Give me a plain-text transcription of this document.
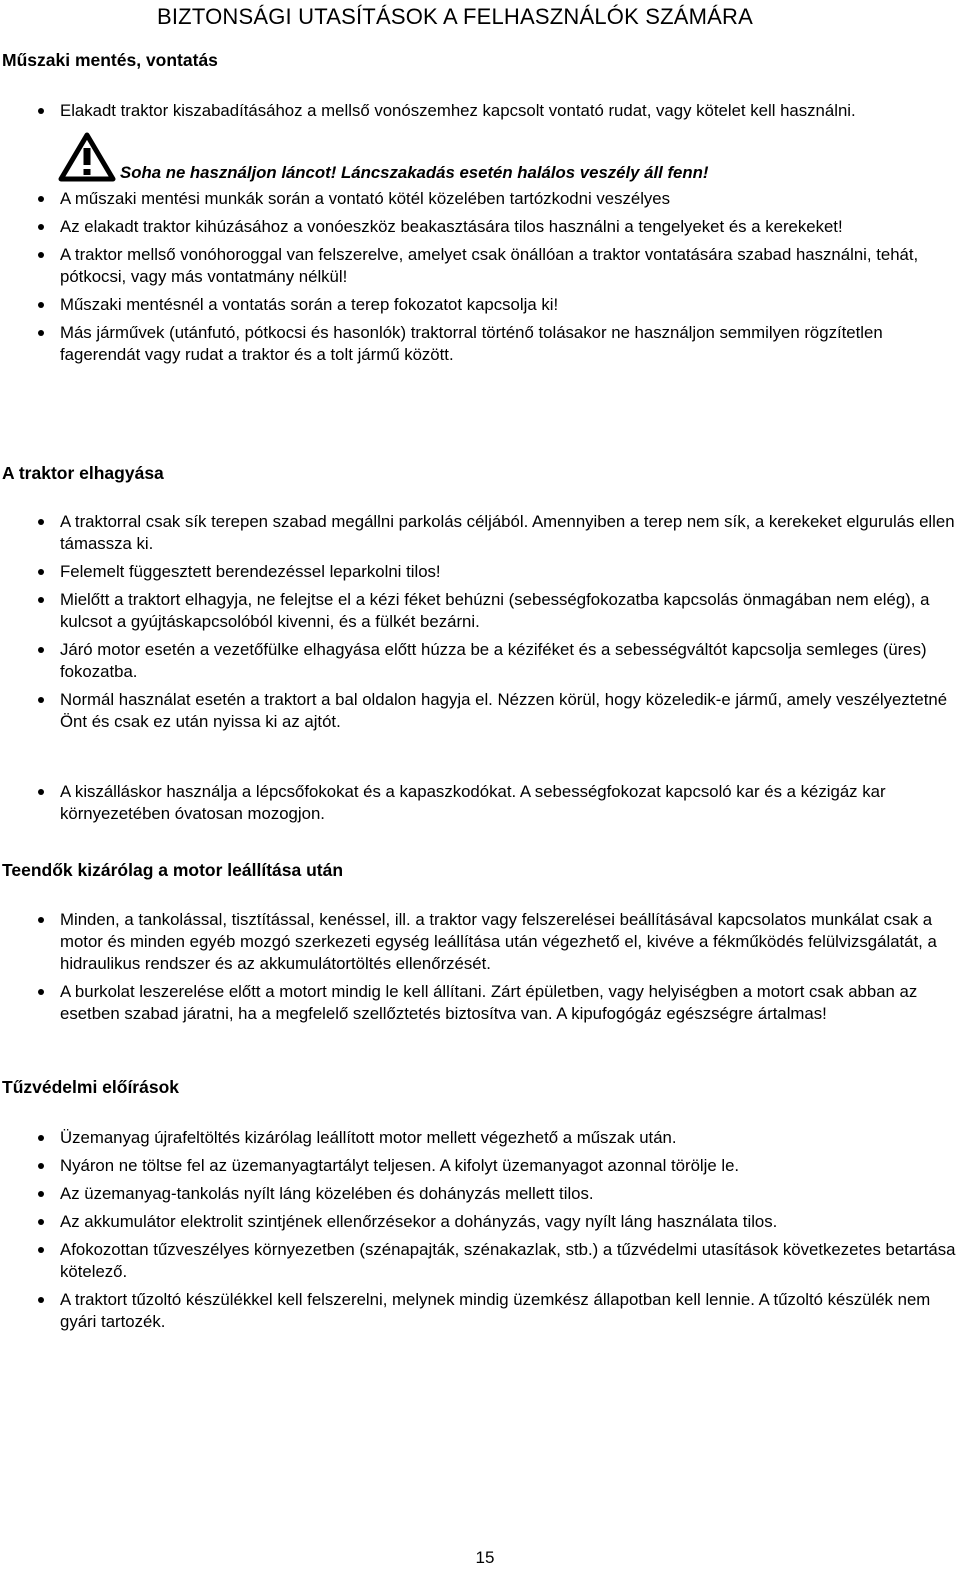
BIZTONSÁGI UTASÍTÁSOK A FELHASZNÁLÓK SZÁMÁRA
Műszaki mentés, vontatás
Elakadt traktor kiszabadításához a mellső vonószemhez kapcsolt vontató rudat, vagy kötelet kell használni.
Soha ne használjon láncot! Láncszakadás esetén halálos veszély áll fenn!
A műszaki mentési munkák során a vontató kötél közelében tartózkodni veszélyes
Az elakadt traktor kihúzásához a vonóeszköz beakasztására tilos használni a tengelyeket és a kerekeket!
A traktor mellső vonóhoroggal van felszerelve, amelyet csak önállóan a traktor vontatására szabad használni, tehát, pótkocsi, vagy más vontatmány nélkül!
Műszaki mentésnél a vontatás során a terep fokozatot kapcsolja ki!
Más járművek (utánfutó, pótkocsi és hasonlók) traktorral történő tolásakor ne használjon semmilyen rögzítetlen fagerendát vagy rudat a traktor és a tolt jármű között.
A traktor elhagyása
A traktorral csak sík terepen szabad megállni parkolás céljából. Amennyiben a terep nem sík, a kerekeket elgurulás ellen támassza ki.
Felemelt függesztett berendezéssel leparkolni tilos!
Mielőtt a traktort elhagyja, ne felejtse el a kézi féket behúzni (sebességfokozatba kapcsolás önmagában nem elég), a kulcsot a gyújtáskapcsolóból kivenni, és a fülkét bezárni.
Járó motor esetén a vezetőfülke elhagyása előtt húzza be a kéziféket és a sebességváltót kapcsolja semleges (üres) fokozatba.
Normál használat esetén a traktort a bal oldalon hagyja el. Nézzen körül, hogy közeledik-e jármű, amely veszélyeztetné Önt és csak ez után nyissa ki az ajtót.
A kiszálláskor használja a lépcsőfokokat és a kapaszkodókat. A sebességfokozat kapcsoló kar és a kézigáz kar környezetében óvatosan mozogjon.
Teendők kizárólag a motor leállítása után
Minden, a tankolással, tisztítással, kenéssel, ill. a traktor vagy felszerelései beállításával kapcsolatos munkálat csak a motor és minden egyéb mozgó szerkezeti egység leállítása után végezhető el, kivéve a fékműködés felülvizsgálatát, a hidraulikus rendszer és az akkumulátortöltés ellenőrzését.
A burkolat leszerelése előtt a motort mindig le kell állítani. Zárt épületben, vagy helyiségben a motort csak abban az esetben szabad járatni, ha a megfelelő szellőztetés biztosítva van. A kipufogógáz egészségre ártalmas!
Tűzvédelmi előírások
Üzemanyag újrafeltöltés kizárólag leállított motor mellett végezhető a műszak után.
Nyáron ne töltse fel az üzemanyagtartályt teljesen. A kifolyt üzemanyagot azonnal törölje le.
Az üzemanyag-tankolás nyílt láng közelében és dohányzás mellett tilos.
Az akkumulátor elektrolit szintjének ellenőrzésekor a dohányzás, vagy nyílt láng használata tilos.
Afokozottan tűzveszélyes környezetben (szénapajták, szénakazlak, stb.) a tűzvédelmi utasítások következetes betartása kötelező.
A traktort tűzoltó készülékkel kell felszerelni, melynek mindig üzemkész állapotban kell lennie. A tűzoltó készülék nem gyári tartozék.
15
